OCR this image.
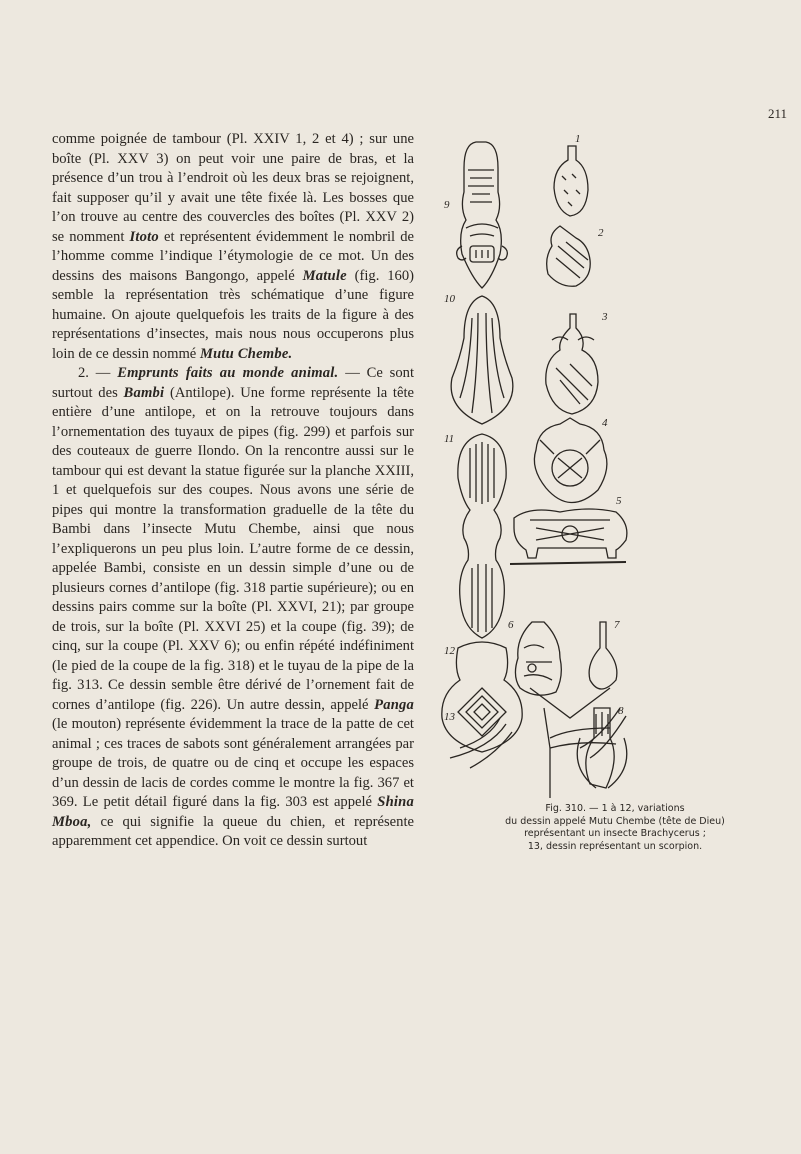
211

comme poignée de tambour (Pl. XXIV 1, 2 et 4) ; sur une boîte (Pl. XXV 3) on peut voir une paire de bras, et la présence d’un trou à l’endroit où les deux bras se rejoignent, fait supposer qu’il y avait une tête fixée là. Les bosses que l’on trouve au centre des couvercles des boîtes (Pl. XXV 2) se nomment Itoto et représentent évidemment le nombril de l’homme comme l’indique l’étymologie de ce mot. Un des dessins des maisons Bangongo, appelé Matule (fig. 160) semble la représentation très schématique d’une figure humaine. On ajoute quelquefois les traits de la figure à des représentations d’insectes, mais nous nous occuperons plus loin de ce dessin nommé Mutu Chembe.

2. — Emprunts faits au monde animal. — Ce sont surtout des Bambi (Antilope). Une forme représente la tête entière d’une antilope, et on la retrouve toujours dans l’ornementation des tuyaux de pipes (fig. 299) et parfois sur des couteaux de guerre Ilondo. On la rencontre aussi sur le tambour qui est devant la statue figurée sur la planche XXIII, 1 et quelquefois sur des coupes. Nous avons une série de pipes qui montre la transformation graduelle de la tête du Bambi dans l’insecte Mutu Chembe, ainsi que nous l’expliquerons un peu plus loin. L’autre forme de ce dessin, appelée Bambi, consiste en un dessin simple d’une ou de plusieurs cornes d’antilope (fig. 318 partie supérieure); ou en dessins pairs comme sur la boîte (Pl. XXVI, 21); par groupe de trois, sur la boîte (Pl. XXVI 25) et la coupe (fig. 39); de cinq, sur la coupe (Pl. XXV 6); ou enfin répété indéfiniment (le pied de la coupe de la fig. 318) et le tuyau de la pipe de la fig. 313. Ce dessin semble être dérivé de l’ornement fait de cornes d’antilope (fig. 226). Un autre dessin, appelé Panga (le mouton) représente évidemment la trace de la patte de cet animal ; ces traces de sabots sont généralement arrangées par groupe de trois, de quatre ou de cinq et occupe les espaces d’un dessin de lacis de cordes comme le montre la fig. 367 et 369. Le petit détail figuré dans la fig. 303 est appelé Shina Mboa, ce qui signifie la queue du chien, et représente apparemment cet appendice. On voit ce dessin surtout

1
2
3
4
5
6	7
8
9
10
11
12
13
Fig. 310. — 1 à 12, variations
du dessin appelé Mutu Chembe (tête de Dieu)
représentant un insecte Brachycerus ;
13, dessin représentant un scorpion.
